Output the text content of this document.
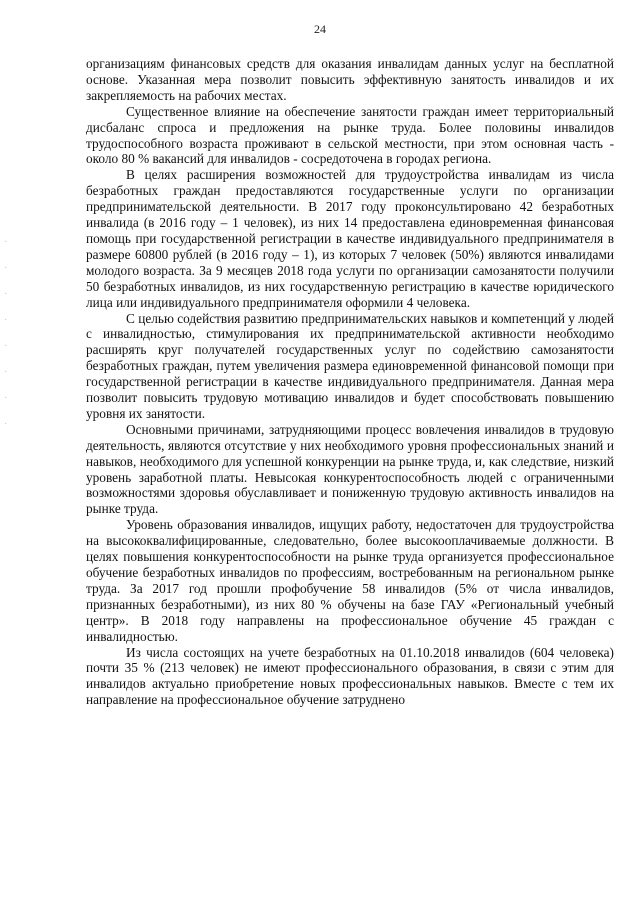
24
·
·
·
·
·
·
·
·

организациям финансовых средств для оказания инвалидам данных услуг на бесплатной основе. Указанная мера позволит повысить эффективную занятость инвалидов и их закрепляемость на рабочих местах.

Существенное влияние на обеспечение занятости граждан имеет территориальный дисбаланс спроса и предложения на рынке труда. Более половины инвалидов трудоспособного возраста проживают в сельской местности, при этом основная часть - около 80 % вакансий для инвалидов - сосредоточена в городах региона.

В целях расширения возможностей для трудоустройства инвалидам из числа безработных граждан предоставляются государственные услуги по организации предпринимательской деятельности. В 2017 году проконсультировано 42 безработных инвалида (в 2016 году – 1 человек), из них 14 предоставлена единовременная финансовая помощь при государственной регистрации в качестве индивидуального предпринимателя в размере 60800 рублей (в 2016 году – 1), из которых 7 человек (50%) являются инвалидами молодого возраста. За 9 месяцев 2018 года услуги по организации самозанятости получили 50 безработных инвалидов, из них государственную регистрацию в качестве юридического лица или индивидуального предпринимателя оформили 4 человека.

С целью содействия развитию предпринимательских навыков и компетенций у людей с инвалидностью, стимулирования их предпринимательской активности необходимо расширять круг получателей государственных услуг по содействию самозанятости безработных граждан, путем увеличения размера единовременной финансовой помощи при государственной регистрации в качестве индивидуального предпринимателя. Данная мера позволит повысить трудовую мотивацию инвалидов и будет способствовать повышению уровня их занятости.

Основными причинами, затрудняющими процесс вовлечения инвалидов в трудовую деятельность, являются отсутствие у них необходимого уровня профессиональных знаний и навыков, необходимого для успешной конкуренции на рынке труда, и, как следствие, низкий уровень заработной платы. Невысокая конкурентоспособность людей с ограниченными возможностями здоровья обуславливает и пониженную трудовую активность инвалидов на рынке труда.

Уровень образования инвалидов, ищущих работу, недостаточен для трудоустройства на высококвалифицированные, следовательно, более высокооплачиваемые должности. В целях повышения конкурентоспособности на рынке труда организуется профессиональное обучение безработных инвалидов по профессиям, востребованным на региональном рынке труда. За 2017 год прошли профобучение 58 инвалидов (5% от числа инвалидов, признанных безработными), из них 80 % обучены на базе ГАУ «Региональный учебный центр». В 2018 году направлены на профессиональное обучение 45 граждан с инвалидностью.

Из числа состоящих на учете безработных на 01.10.2018 инвалидов (604 человека) почти 35 % (213 человек) не имеют профессионального образования, в связи с этим для инвалидов актуально приобретение новых профессиональных навыков. Вместе с тем их направление на профессиональное обучение затруднено
